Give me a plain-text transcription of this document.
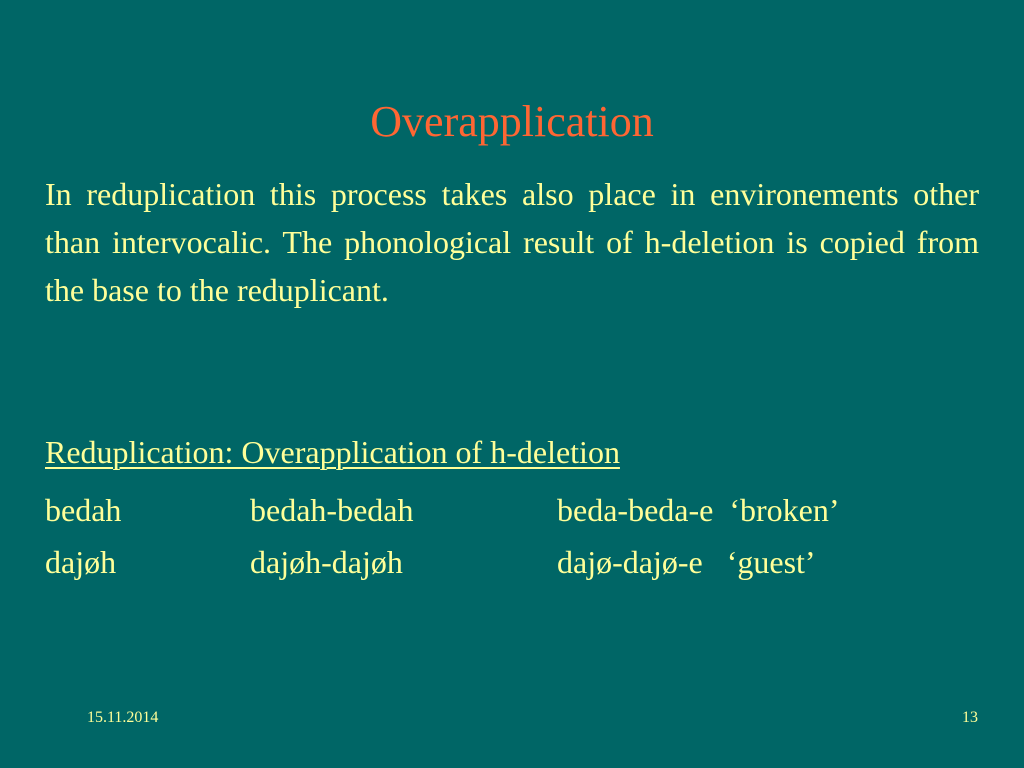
Overapplication
In reduplication this process takes also place in environements other than intervocalic. The phonological result of h-deletion is copied from the base to the reduplicant.
Reduplication: Overapplication of h-deletion
bedah	bedah-bedah	beda-beda-e  ‘broken’
dajøh	dajøh-dajøh	dajø-dajø-e   ‘guest’
15.11.2014	13
